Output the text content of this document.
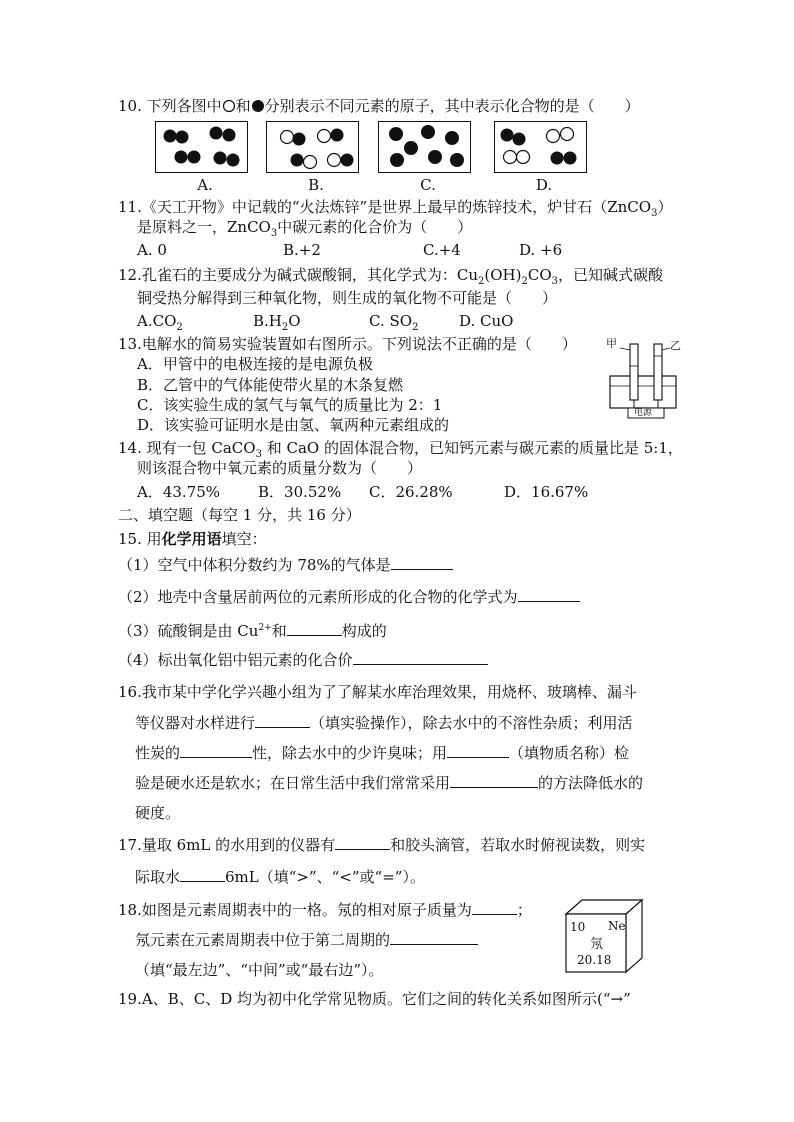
10. 下列各图中 和 分别表示不同元素的原子，其中表示化合物的是（　　）
A.	B.	C.	D.
11.《天工开物》中记载的“火法炼锌”是世界上最早的炼锌技术，炉甘石（ZnCO$_3$）
是原料之一，ZnCO$_3$中碳元素的化合价为（　　）
A. 0	B.+2	C.+4	D. +6
12.孔雀石的主要成分为碱式碳酸铜，其化学式为：$Cu_2(OH)_2CO_3$，已知碱式碳酸
铜受热分解得到三种氧化物，则生成的氧化物不可能是（　　）
$A.CO_2$	$B.H_2O$	C. $SO_2$	D. CuO
13.电解水的简易实验装置如右图所示。下列说法不正确的是（　　）
A．甲管中的电极连接的是电源负极
B．乙管中的气体能使带火星的木条复燃
C．该实验生成的氢气与氧气的质量比为 2：1
D．该实验可证明水是由氢、氧两种元素组成的
甲	乙
电源
14. 现有一包 CaCO$_3$ 和 CaO 的固体混合物，已知钙元素与碳元素的质量比是 5:1，
则该混合物中氧元素的质量分数为（　　）
A．43.75%	B．30.52% C．26.28%	D．16.67%
二、填空题（每空 1 分，共 16 分）
15. 用化学用语填空：
（1）空气中体积分数约为 78%的气体是
（2）地壳中含量居前两位的元素所形成的化合物的化学式为
（3）硫酸铜是由 $Cu^{2+}$和	构成的
（4）标出氧化铝中铝元素的化合价
16.我市某中学化学兴趣小组为了了解某水库治理效果，用烧杯、玻璃棒、漏斗
等仪器对水样进行	（填实验操作），除去水中的不溶性杂质；利用活
性炭的	性，除去水中的少许臭味；用	（填物质名称）检
验是硬水还是软水；在日常生活中我们常常采用	的方法降低水的
硬度。
17.量取 6mL 的水用到的仪器有	和胶头滴管，若取水时俯视读数，则实
际取水	6mL（填“>”、“<”或“=”）。
18.如图是元素周期表中的一格。氖的相对原子质量为	；
氖元素在元素周期表中位于第二周期的
（填“最左边”、“中间”或“最右边”）。
10 Ne
氖
20.18
19.A、B、C、D 均为初中化学常见物质。它们之间的转化关系如图所示(“→”
